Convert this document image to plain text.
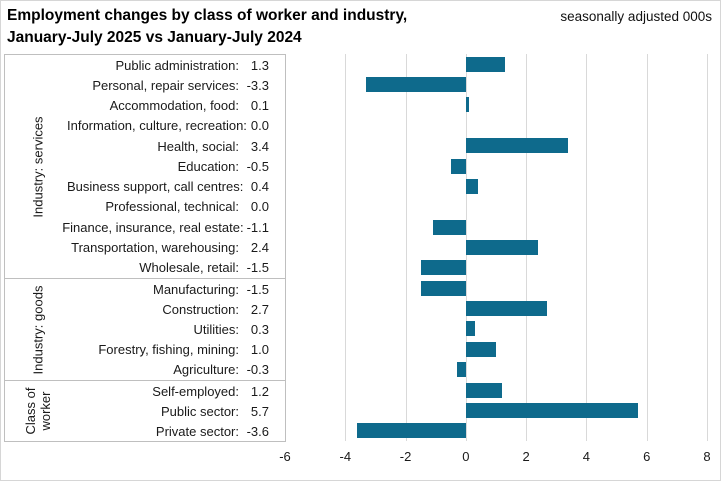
Employment changes by class of worker and industry,
January-July 2025 vs January-July 2024
seasonally adjusted 000s
Industry: services
Public administration: 1.3
Personal, repair services: -3.3
Accommodation, food: 0.1
Information, culture, recreation: 0.0
Health, social: 3.4
Education: -0.5
Business support, call centres: 0.4
Professional, technical: 0.0
Finance, insurance, real estate: -1.1
Transportation, warehousing: 2.4
Wholesale, retail: -1.5
Industry: goods	Manufacturing: -1.5
Construction: 2.7
Utilities: 0.3
Forestry, fishing, mining: 1.0
Agriculture: -0.3
Class of worker
Self-employed: 1.2
Public sector: 5.7
Private sector: -3.6
-6	-4	-2	0	2	4	6	8
